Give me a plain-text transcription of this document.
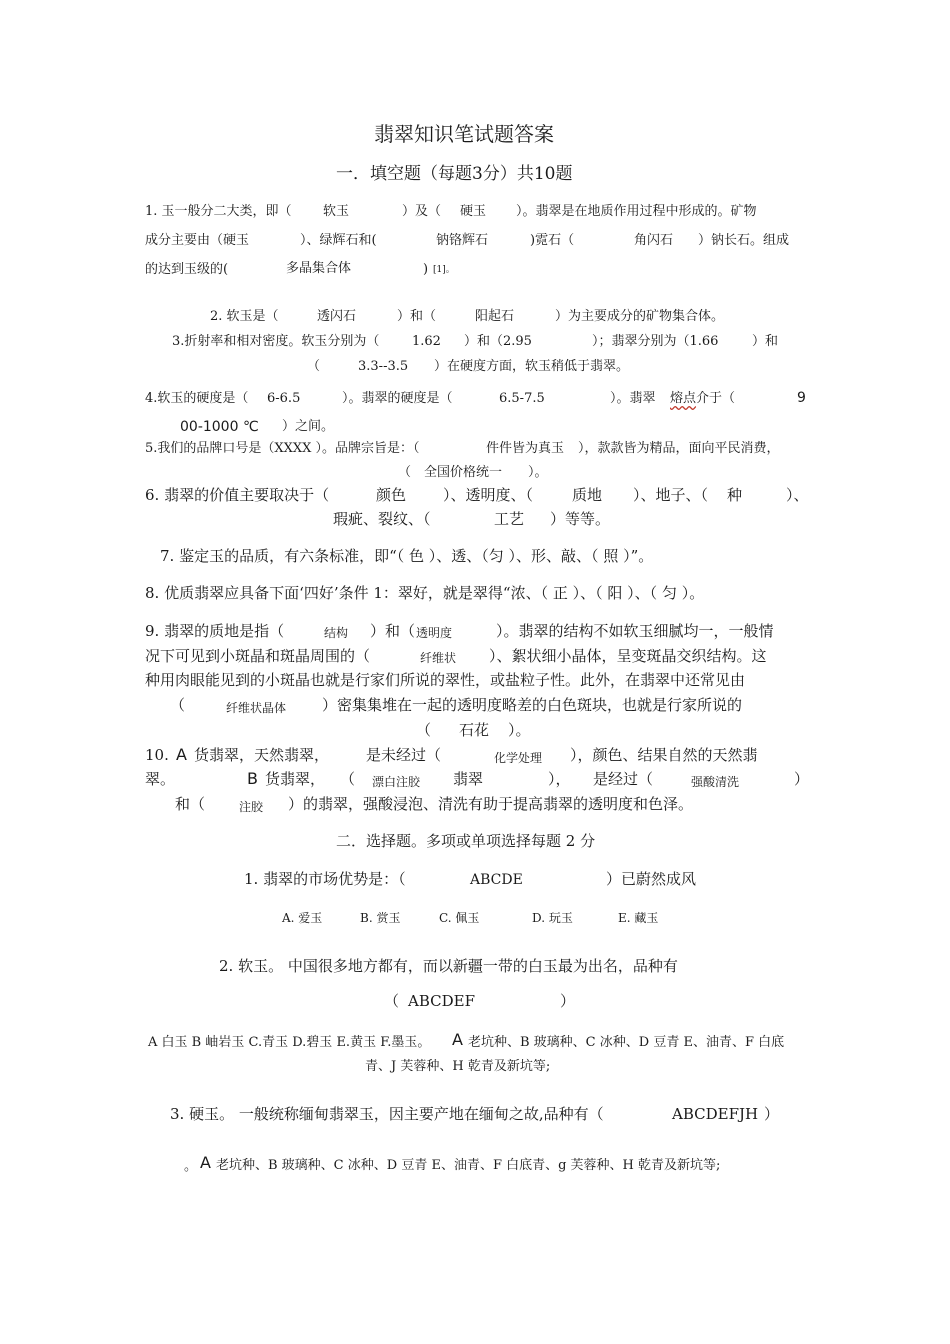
翡翠知识笔试题答案
一．填空题（每题3分）共10题
1. 玉一般分二大类，即（ 软玉	）及（ 硬玉 ）。翡翠是在地质作用过程中形成的。矿物
成分主要由（硬玉	）、绿辉石和(	钠铬辉石	)霓石（	角闪石 ）钠长石。组成
的达到玉级的(	多晶集合体	) [1]。
2. 软玉是（	透闪石	）和（	阳起石	）为主要成分的矿物集合体。
3.折射率和相对密度。软玉分别为（	1.62 ）和（2.95	）；翡翠分别为（1.66	）和
（	3.3--3.5 ）在硬度方面，软玉稍低于翡翠。
4.软玉的硬度是（ 6-6.5	）。翡翠的硬度是（	6.5-7.5	）。翡翠 熔点 介于（	9
00-1000 ℃ ）之间。
5.我们的品牌口号是（XXXX ）。品牌宗旨是：（	件件皆为真玉 ），款款皆为精品，面向平民消费，
（ 全国价格统一 ）。
6. 翡翠的价值主要取决于（	颜色 ）、透明度、（	质地 ）、地子、（ 种	）、
瑕疵、裂纹、（	工艺 ）等等。
7. 鉴定玉的品质，有六条标准，即“（ 色 ）、透、（匀 ）、形、敲、（ 照 ）”。
8. 优质翡翠应具备下面‘四好’条件 1：翠好，就是翠得“浓、（ 正 ）、（ 阳 ）、（ 匀 ）。
9. 翡翠的质地是指（	结构 ）和（ 透明度	）。翡翠的结构不如软玉细腻均一，一般情
况下可见到小斑晶和斑晶周围的（	纤维状 ）、絮状细小晶体，呈变斑晶交织结构。这
种用肉眼能见到的小斑晶也就是行家们所说的翠性，或盐粒子性。此外，在翡翠中还常见由
（	纤维状晶体 ）密集集堆在一起的透明度略差的白色斑块，也就是行家所说的
（ 石花 ）。
10. A 货翡翠，天然翡翠， 是未经过（	化学处理 ），颜色、结果自然的天然翡
翠。	B 货翡翠， （ 漂白注胶 翡翠	）， 是经过（	强酸清洗	）
和（	注胶 ）的翡翠，强酸浸泡、清洗有助于提高翡翠的透明度和色泽。
二．选择题。多项或单项选择每题 2 分
1. 翡翠的市场优势是：（	ABCDE	）已蔚然成风
A. 爱玉	B. 赏玉	C. 佩玉	D. 玩玉	E. 藏玉
2. 软玉。 中国很多地方都有，而以新疆一带的白玉最为出名，品种有
（ ABCDEF	）
A 白玉 B 岫岩玉 C.青玉 D.碧玉 E.黄玉 F.墨玉。 A 老坑种、B 玻璃种、C 冰种、D 豆青 E、油青、F 白底
青、J 芙蓉种、H 乾青及新坑等;
3. 硬玉。 一般统称缅甸翡翠玉，因主要产地在缅甸之故,品种有（	ABCDEFJH ）
。 A 老坑种、B 玻璃种、C 冰种、D 豆青 E、油青、F 白底青、g 芙蓉种、H 乾青及新坑等;
